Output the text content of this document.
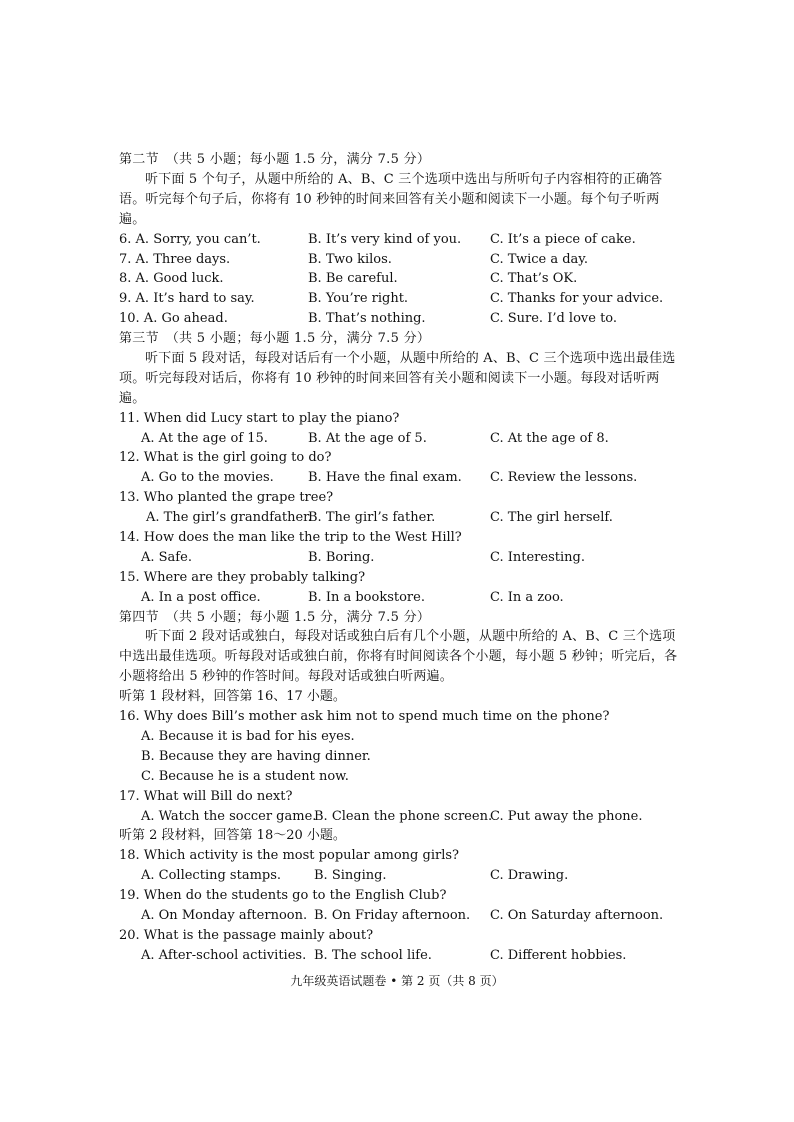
第二节　（共 5 小题；每小题 1.5 分，满分 7.5 分）
听下面 5 个句子，从题中所给的 A、B、C 三个选项中选出与所听句子内容相符的正确答语。听完每个句子后，你将有 10 秒钟的时间来回答有关小题和阅读下一小题。每个句子听两遍。
6. A. Sorry, you can’t.	B. It’s very kind of you. C. It’s a piece of cake.
7. A. Three days.	B. Two kilos.	C. Twice a day.
8. A. Good luck.	B. Be careful.	C. That’s OK.
9. A. It’s hard to say.	B. You’re right.	C. Thanks for your advice.
10. A. Go ahead.	B. That’s nothing.	C. Sure. I’d love to.
第三节　（共 5 小题；每小题 1.5 分，满分 7.5 分）
听下面 5 段对话，每段对话后有一个小题，从题中所给的 A、B、C 三个选项中选出最佳选项。听完每段对话后，你将有 10 秒钟的时间来回答有关小题和阅读下一小题。每段对话听两遍。
11. When did Lucy start to play the piano?
A. At the age of 15.	B. At the age of 5.	C. At the age of 8.
12. What is the girl going to do?
A. Go to the movies.	B. Have the final exam. C. Review the lessons.
13. Who planted the grape tree?
A. The girl’s grandfather.B. The girl’s father.	C. The girl herself.
14. How does the man like the trip to the West Hill?
A. Safe.	B. Boring.	C. Interesting.
15. Where are they probably talking?
A. In a post office.	B. In a bookstore.	C. In a zoo.
第四节　（共 5 小题；每小题 1.5 分，满分 7.5 分）
听下面 2 段对话或独白，每段对话或独白后有几个小题，从题中所给的 A、B、C 三个选项中选出最佳选项。听每段对话或独白前，你将有时间阅读各个小题，每小题 5 秒钟；听完后，各小题将给出 5 秒钟的作答时间。每段对话或独白听两遍。
听第 1 段材料，回答第 16、17 小题。
16. Why does Bill’s mother ask him not to spend much time on the phone?
A. Because it is bad for his eyes.
B. Because they are having dinner.
C. Because he is a student now.
17. What will Bill do next?
A. Watch the soccer game.B. Clean the phone screen.C. Put away the phone.
听第 2 段材料，回答第 18～20 小题。
18. Which activity is the most popular among girls?
A. Collecting stamps.	B. Singing.	C. Drawing.
19. When do the students go to the English Club?
A. On Monday afternoon. B. On Friday afternoon. C. On Saturday afternoon.
20. What is the passage mainly about?
A. After-school activities. B. The school life.	C. Different hobbies.
九年级英语试题卷 • 第 2 页（共 8 页）
